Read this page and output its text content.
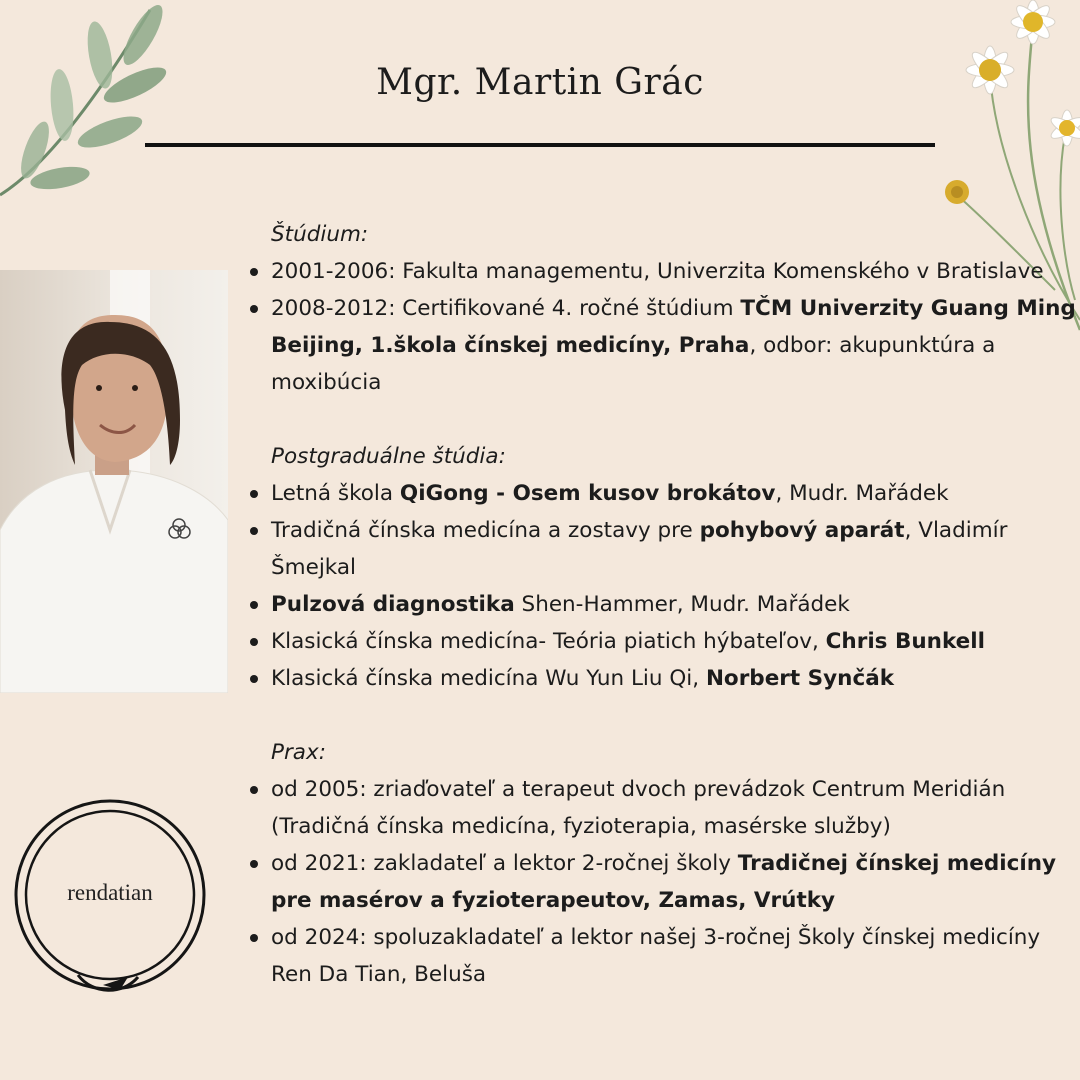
Mgr. Martin Grác
rendatian
Štúdium:
2001-2006: Fakulta managementu, Univerzita Komenského v Bratislave
2008-2012: Certifikované 4. ročné štúdium TČM Univerzity Guang Ming Beijing, 1.škola čínskej medicíny, Praha, odbor: akupunktúra a moxibúcia
Postgraduálne štúdia:
Letná škola QiGong - Osem kusov brokátov, Mudr. Mařádek
Tradičná čínska medicína a zostavy pre pohybový aparát, Vladimír Šmejkal
Pulzová diagnostika Shen-Hammer, Mudr. Mařádek
Klasická čínska medicína- Teória piatich hýbateľov, Chris Bunkell
Klasická čínska medicína Wu Yun Liu Qi, Norbert Synčák
Prax:
od 2005: zriaďovateľ a terapeut dvoch prevádzok Centrum Meridián (Tradičná čínska medicína, fyzioterapia, masérske služby)
od 2021: zakladateľ a lektor 2-ročnej školy Tradičnej čínskej medicíny pre masérov a fyzioterapeutov, Zamas, Vrútky
od 2024: spoluzakladateľ a lektor našej 3-ročnej Školy čínskej medicíny Ren Da Tian, Beluša
